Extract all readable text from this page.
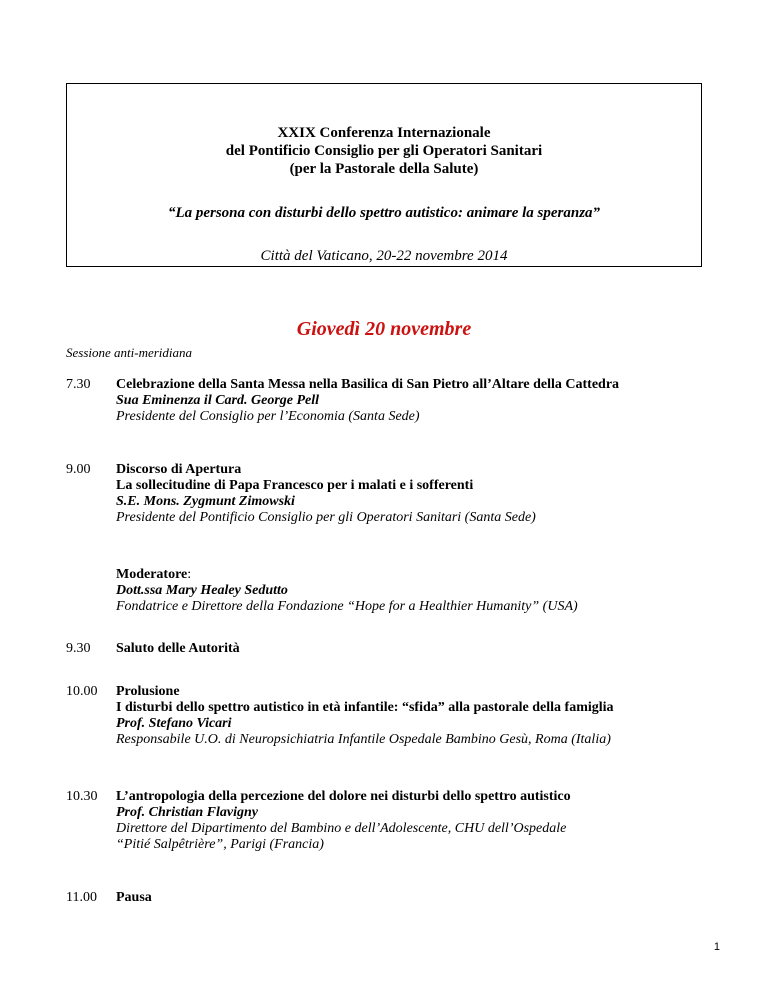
XXIX Conferenza Internazionale
del Pontificio Consiglio per gli Operatori Sanitari
(per la Pastorale della Salute)
“La persona con disturbi dello spettro autistico: animare la speranza”
Città del Vaticano, 20-22 novembre 2014
Giovedì 20 novembre
Sessione anti-meridiana
7.30 Celebrazione della Santa Messa nella Basilica di San Pietro all’Altare della Cattedra
Sua Eminenza il Card. George Pell
Presidente del Consiglio per l’Economia (Santa Sede)
9.00 Discorso di Apertura
La sollecitudine di Papa Francesco per i malati e i sofferenti
S.E. Mons. Zygmunt Zimowski
Presidente del Pontificio Consiglio per gli Operatori Sanitari (Santa Sede)
Moderatore:
Dott.ssa Mary Healey Sedutto
Fondatrice e Direttore della Fondazione “Hope for a Healthier Humanity” (USA)
9.30 Saluto delle Autorità
10.00 Prolusione
I disturbi dello spettro autistico in età infantile: “sfida” alla pastorale della famiglia
Prof. Stefano Vicari
Responsabile U.O. di Neuropsichiatria Infantile Ospedale Bambino Gesù, Roma (Italia)
10.30 L’antropologia della percezione del dolore nei disturbi dello spettro autistico
Prof. Christian Flavigny
Direttore del Dipartimento del Bambino e dell’Adolescente, CHU dell’Ospedale
“Pitié Salpêtrière”, Parigi (Francia)
11.00 Pausa
1
